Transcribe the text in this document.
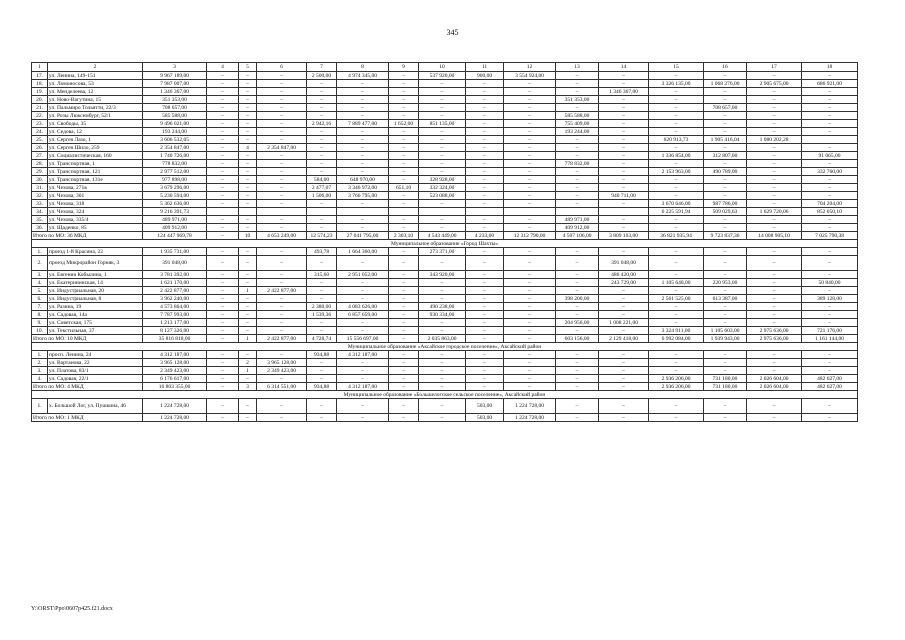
345
1	2	3	4	5	6	7	8	9	10	11	12	13	14	15	16	17	18
17.	ул. Ленина, 149-151	9 967 189,00	–	–	–	2 500,00	4 974 345,00	–	537 920,00	900,00	3 554 924,00	–	–	–	–	–	–
18.	ул. Ломоносова, 53	7 987 007,00	–	–	–	–	–	–	–	–	–	–	–	3 326 135,00	1 068 276,00	2 905 675,00	686 921,00
19.	ул. Менделеева, 12	1 346 367,00	–	–	–	–	–	–	–	–	–	–	1 346 367,00	–	–	–	–
20.	ул. Ново-Вагутина, 15	351 353,00	–	–	–	–	–	–	–	–	–	351 353,00	–	–	–	–	–
21.	ул. Пальмиро Тольятти, 22/3	708 657,00	–	–	–	–	–	–	–	–	–	–	–	–	708 657,00	–	–
22.	ул. Розы Люксембург, 52/1	585 588,00	–	–	–	–	–	–	–	–	–	585 588,00	–	–	–	–	–
23.	ул. Свободы, 35	9 496 021,00	–	–	–	2 942,16	7 889 477,00	1 652,00	851 135,00	–	–	755 409,00	–	–	–	–	–
24.	ул. Седова, 12	193 244,00	–	–	–	–	–	–	–	–	–	193 244,00	–	–	–	–	–
25.	ул. Сергея Лазо, 1	3 606 532,05	–	–	–	–	–	–	–	–	–	–	–	620 913,73	1 905 416,04	1 080 202,28	
26.	ул. Сергея Шило, 259	2 354 847,00	–	4	2 354 847,00	–	–	–	–	–	–	–	–	–	–	–	–
27.	ул. Социалистическая, 160	1 740 726,00	–	–	–	–	–	–	–	–	–	–	–	1 336 854,00	312 807,00	–	91 065,00
28.	ул. Транспортная, 1	778 832,00	–	–	–	–	–	–	–	–	–	778 832,00	–	–	–	–	–
29.	ул. Транспортная, 121	2 977 512,00	–	–	–	–	–	–	–	–	–	–	–	2 153 963,00	490 789,00	–	332 760,00
30.	ул. Транспортная, 131е	977 898,00	–	–	–	584,00	648 970,00	–	328 928,00	–	–	–	–	–	–	–	–
31.	ул. Чехова, 271в	3 679 296,00	–	–	–	2 477,07	3 346 972,00	651,10	332 324,00	–	–	–	–	–	–	–	–
32.	ул. Чехова, 301	5 230 594,00	–	–	–	1 506,00	3 766 795,00	–	523 088,00	–	–	–	940 711,00	–	–	–	–
33.	ул. Чехова, 318	5 362 636,00	–	–	–	–	–	–	–	–	–	–	–	3 670 646,00	987 786,00	–	704 204,00
34.	ул. Чехова, 324	9 216 391,73												6 225 591,94	509 029,63	1 629 720,06	852 050,10
35.	ул. Чехова, 335/4	489 971,00	–	–	–	–	–	–	–	–	–	489 971,00	–	–	–	–	–
36.	ул. Щаденко, 85	409 912,00	–	–	–	–	–	–	–	–	–	409 912,00	–	–	–	–	–
Итого по МО: 36 МКД		124 447 969,78	–	10	4 653 249,00	12 574,23	27 041 795,00	2 303,10	4 543 449,00	4 233,00	12 312 790,00	4 507 106,00	3 809 103,00	36 821 935,94	9 723 837,36	14 008 905,10	7 025 790,38
Муниципальное образование «Город Шахты»																	
1.	проезд 1-й Красина, 22	1 935 731,00	–	–	–	493,78	1 664 360,00	–	273 371,00	–	–	–	–	–	–	–	–
2.	проезд Микрорайон Горняк, 3	391 048,00	–	–	–	–	–	–	–	–	–	–	391 048,00	–	–	–	–
3.	ул. Евгения Кобылина, 1	3 781 392,00	–	–	–	315,60	2 951 052,00	–	343 920,00	–	–	–	486 420,00	–	–	–	–
4.	ул. Екатерининская, 14	1 621 170,00	–	–	–	–	–	–	–	–	–	–	243 729,00	1 105 648,00	220 953,00	–	50 840,00
5.	ул. Индустриальная, 20	2 422 877,00	–	1	2 422 877,00	–	–	–	–	–	–	–	–	–	–	–	–
6.	ул. Индустриальная, 8	3 962 240,00	–	–	–	–	–	–	–	–	–	398 200,00	–	2 561 525,00	613 387,00	–	389 128,00
7.	ул. Разина, 19	4 573 864,00	–	–	–	2 380,00	4 083 626,00	–	490 238,00	–	–	–	–	–	–	–	–
8.	ул. Садовая, 14а	7 787 993,00	–	–	–	1 539,36	6 857 659,00	–	930 334,00	–	–	–	–	–	–	–	–
9.	ул. Советская, 175	1 213 177,00	–	–	–	–	–	–	–	–	–	204 956,00	1 008 221,00	–	–	–	–
10.	ул. Текстильная, 37	8 127 326,00	–	–	–	–	–	–	–	–	–	–	–	3 324 911,00	1 105 603,00	2 975 636,00	721 176,00
Итого по МО: 10 МКД		35 816 818,00	–	1	2 422 877,00	4 728,74	15 556 697,00	–	2 035 863,00	–	–	603 156,00	2 129 418,00	6 992 084,00	1 939 943,00	2 975 636,00	1 161 144,00
Муниципальное образование «Аксайское городское поселение», Аксайский район																	
1.	просп. Ленина, 24	4 312 187,00	–	–	–	934,88	4 312 187,00	–	–	–	–	–	–	–	–	–	–
2.	ул. Вартанова, 22	3 965 128,00	–	2	3 965 128,00	–	–	–	–	–	–	–	–	–	–	–	–
3.	ул. Платова, 83/1	2 349 423,00	–	1	2 349 423,00	–	–	–	–	–	–	–	–	–	–	–	–
4.	ул. Садовая, 22/1	6 176 617,00	–	–	–	–	–	–	–	–	–	–	–	2 936 206,00	731 180,00	2 026 604,00	482 627,00
Итого по МО: 4 МКД		16 803 355,00	–	3	6 314 551,00	934,88	4 312 187,00	–	–	–	–	–	–	2 936 206,00	731 180,00	2 026 604,00	482 627,00
Муниципальное образование «Большелогское сельское поселение», Аксайский район																	
1.	х. Большой Лог, ул. Пушкина, 46	1 224 728,00	–	–	–	–	–	–	–	503,00	1 224 728,00	–	–	–	–	–	–
Итого по МО: 1 МКД		1 224 728,00	–	–	–	–	–	–	–	503,00	1 224 728,00	–	–	–	–	–	–
Y:\ORST\Ppo\0607p425.f21.docx
